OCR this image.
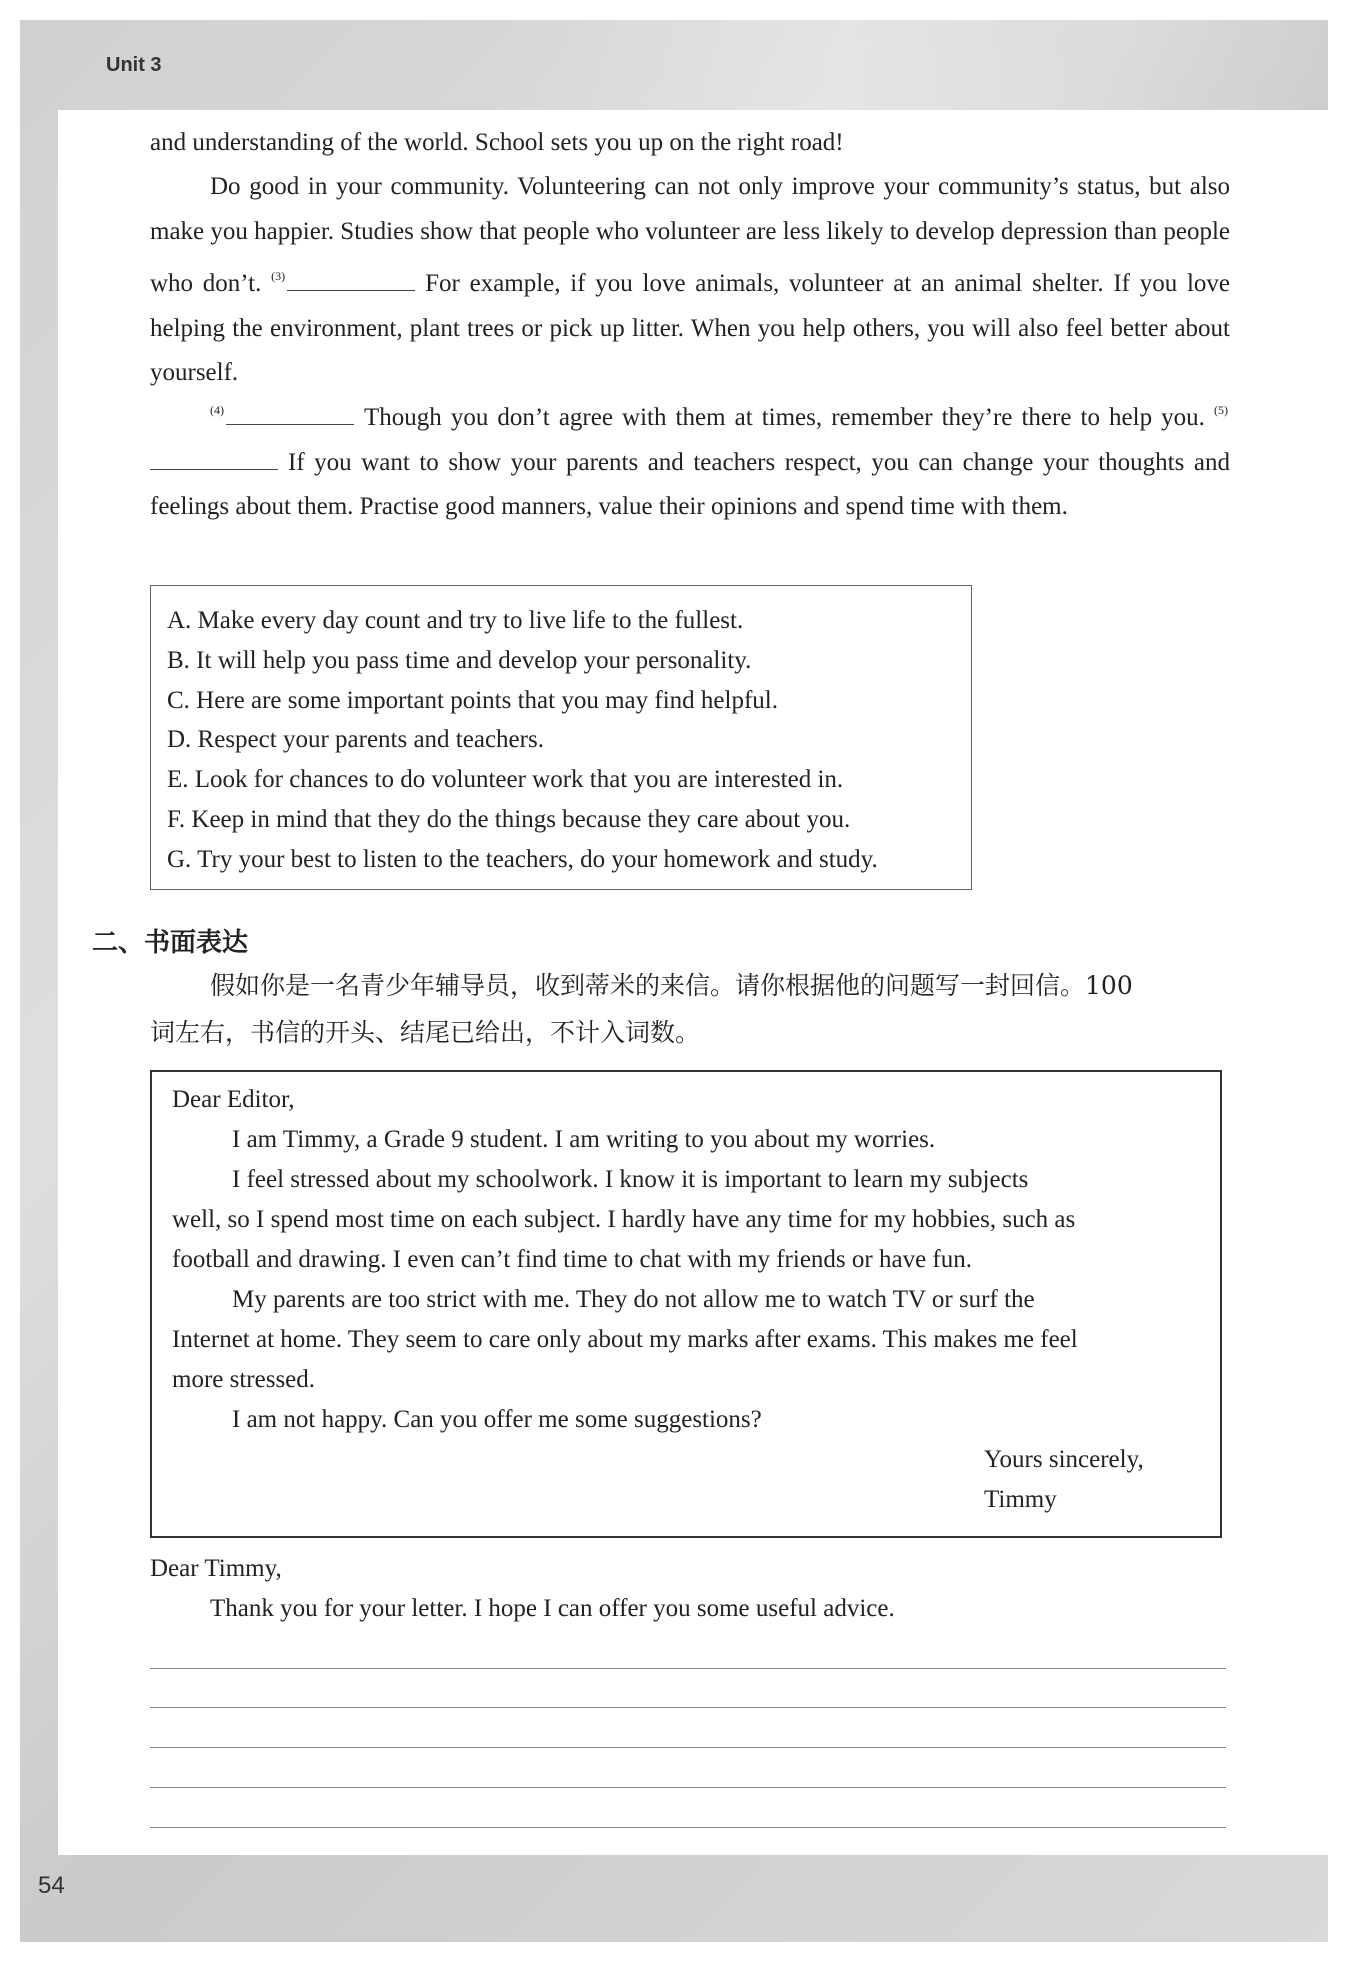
Unit 3
54

and understanding of the world. School sets you up on the right road!

Do good in your community. Volunteering can not only improve your community’s status, but also make you happier. Studies show that people who volunteer are less likely to develop depression than people who don’t. $^{(3)}$	For example, if you love animals, volunteer at an animal shelter. If you love helping the environment, plant trees or pick up litter. When you help others, you will also feel better about yourself.

$^{(4)}$	Though you don’t agree with them at times, remember they’re there to help you. $^{(5)}$If you want to show your parents and teachers respect, you can change your thoughts and feelings about them. Practise good manners, value their opinions and spend time with them.

A. Make every day count and try to live life to the fullest.
B. It will help you pass time and develop your personality.
C. Here are some important points that you may find helpful.
D. Respect your parents and teachers.
E. Look for chances to do volunteer work that you are interested in.
F. Keep in mind that they do the things because they care about you.
G. Try your best to listen to the teachers, do your homework and study.
二、书面表达
假如你是一名青少年辅导员，收到蒂米的来信。请你根据他的问题写一封回信。100
词左右，书信的开头、结尾已给出，不计入词数。
Dear Editor,
I am Timmy, a Grade 9 student. I am writing to you about my worries.
I feel stressed about my schoolwork. I know it is important to learn my subjects
well, so I spend most time on each subject. I hardly have any time for my hobbies, such as
football and drawing. I even can’t find time to chat with my friends or have fun.
My parents are too strict with me. They do not allow me to watch TV or surf the
Internet at home. They seem to care only about my marks after exams. This makes me feel
more stressed.
I am not happy. Can you offer me some suggestions?
Yours sincerely,
Timmy
Dear Timmy,
Thank you for your letter. I hope I can offer you some useful advice.
